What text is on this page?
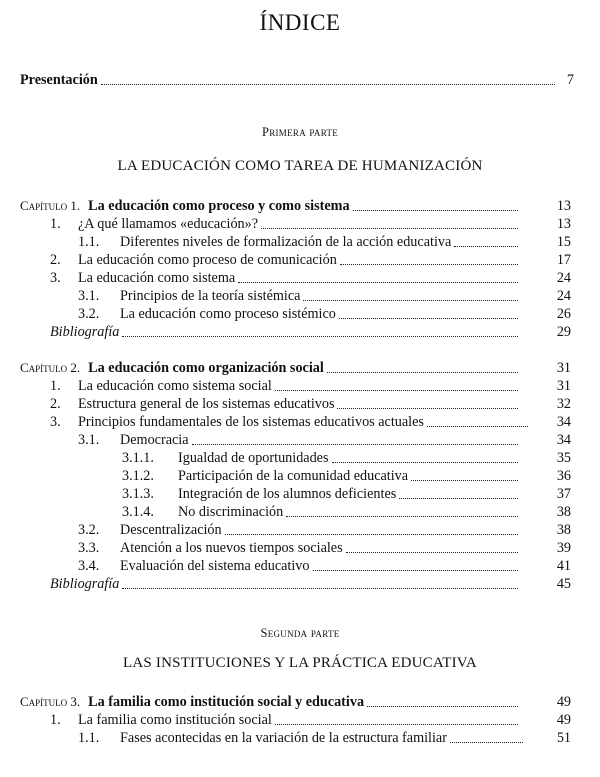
ÍNDICE
Presentación	7
Primera parte
LA EDUCACIÓN COMO TAREA DE HUMANIZACIÓN
Capítulo 1. La educación como proceso y como sistema	13
1.	¿A qué llamamos «educación»?	13
1.1.	Diferentes niveles de formalización de la acción educativa	15
2.	La educación como proceso de comunicación	17
3.	La educación como sistema	24
3.1.	Principios de la teoría sistémica	24
3.2.	La educación como proceso sistémico	26
Bibliografía	29
Capítulo 2. La educación como organización social	31
1.	La educación como sistema social	31
2.	Estructura general de los sistemas educativos	32
3.	Principios fundamentales de los sistemas educativos actuales	34
3.1.	Democracia	34
3.1.1.	Igualdad de oportunidades	35
3.1.2.	Participación de la comunidad educativa	36
3.1.3.	Integración de los alumnos deficientes	37
3.1.4.	No discriminación	38
3.2.	Descentralización	38
3.3.	Atención a los nuevos tiempos sociales	39
3.4.	Evaluación del sistema educativo	41
Bibliografía	45
Segunda parte
LAS INSTITUCIONES Y LA PRÁCTICA EDUCATIVA
Capítulo 3. La familia como institución social y educativa	49
1.	La familia como institución social	49
1.1.	Fases acontecidas en la variación de la estructura familiar	51
